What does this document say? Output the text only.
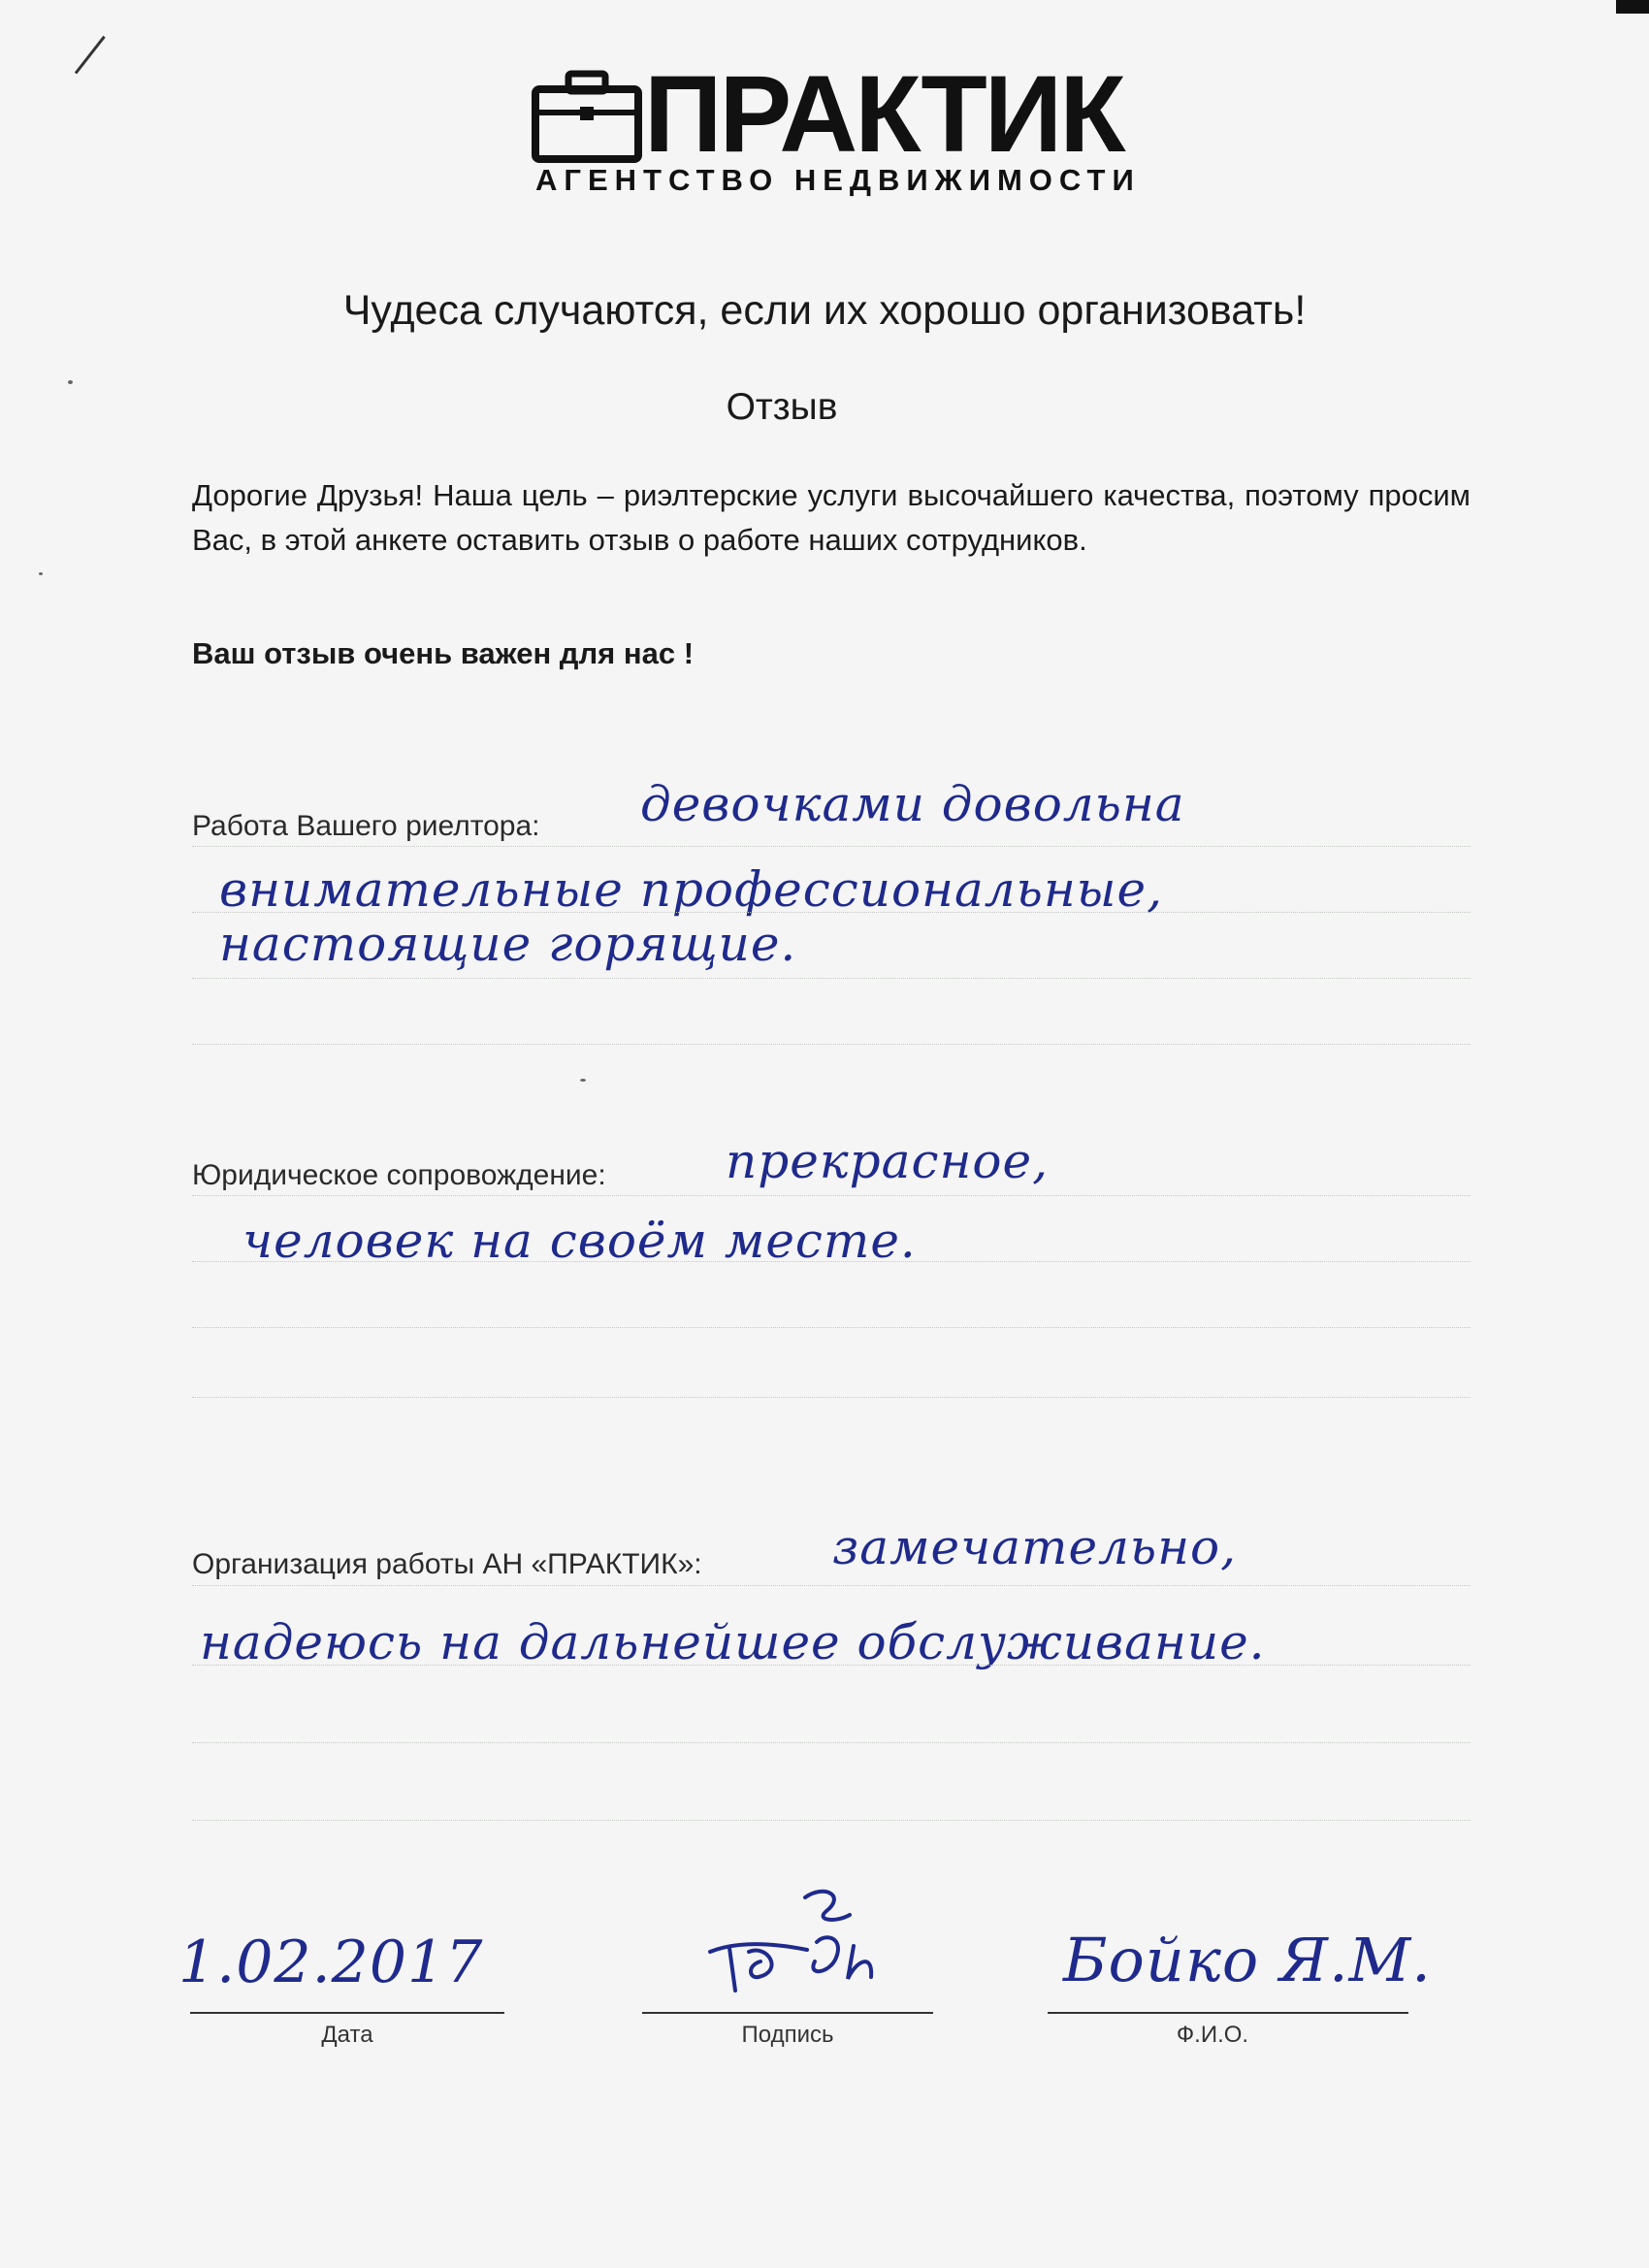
ПРАКТИК
АГЕНТСТВО НЕДВИЖИМОСТИ
Чудеса случаются, если их хорошо организовать!
Отзыв
Дорогие Друзья! Наша цель – риэлтерские услуги высочайшего качества, поэтому просим Вас, в этой анкете оставить отзыв о работе наших сотрудников.
Ваш отзыв очень важен для нас !
Работа Вашего риелтора: девочками довольна
внимательные профессиональные,
настоящие горящие.
Юридическое сопровождение: прекрасное,
человек на своём месте.
Организация работы АН «ПРАКТИК»:	замечательно,
надеюсь на дальнейшее обслуживание.
1.02.2017
Дата	Подпись
Бойко Я.М.
Ф.И.О.
